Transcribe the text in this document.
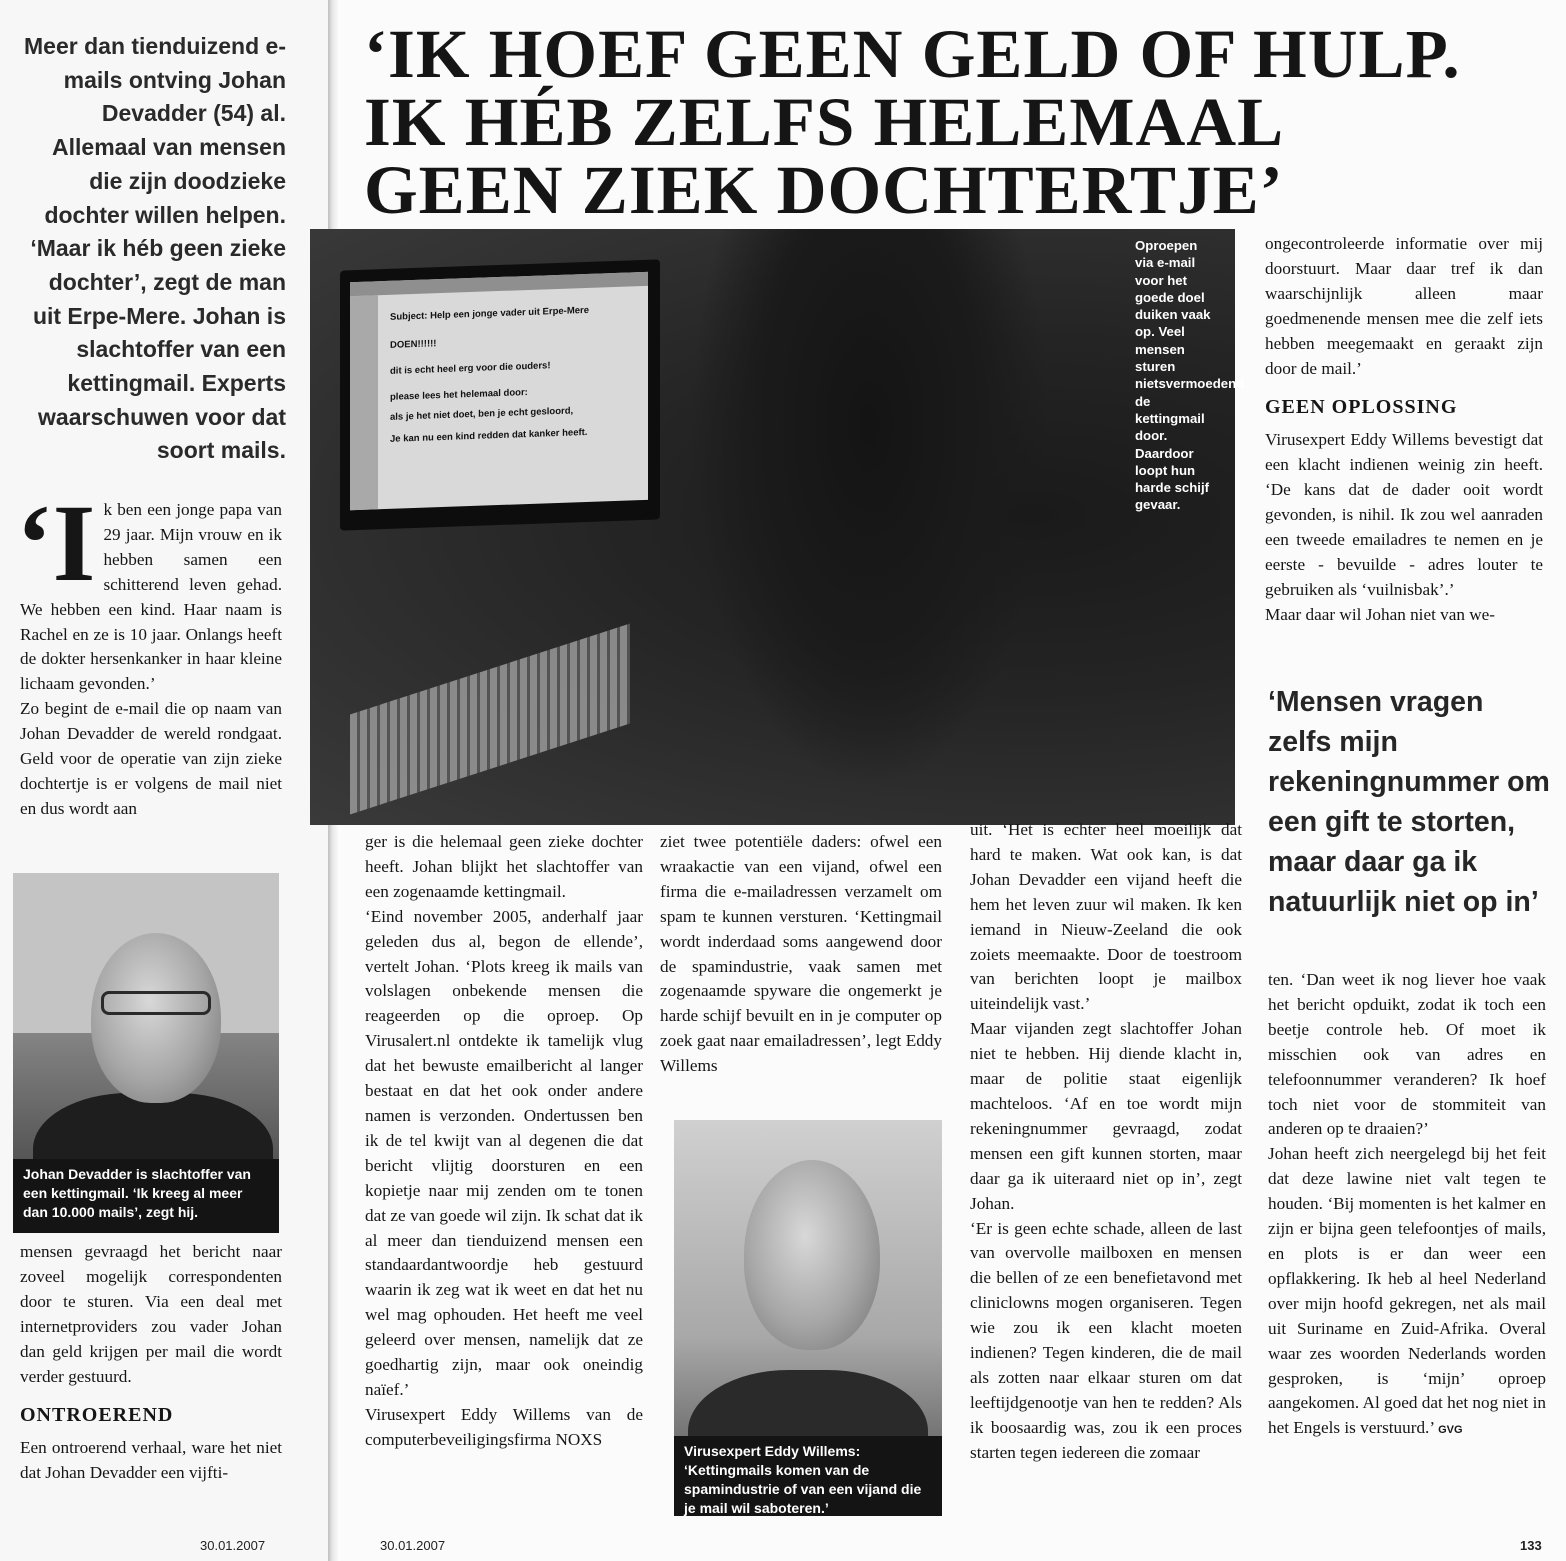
Meer dan tienduizend e-mails ontving Johan Devadder (54) al. Allemaal van mensen die zijn doodzieke dochter willen helpen. ‘Maar ik héb geen zieke dochter’, zegt de man uit Erpe-Mere. Johan is slachtoffer van een kettingmail. Experts waarschuwen voor dat soort mails.

‘IK HOEF GEEN GELD OF HULP.
IK HÉB ZELFS HELEMAAL
GEEN ZIEK DOCHTERTJE’

‘Ik ben een jonge papa van 29 jaar. Mijn vrouw en ik hebben samen een schitterend leven gehad. We hebben een kind. Haar naam is Rachel en ze is 10 jaar. Onlangs heeft de dokter hersenkanker in haar kleine lichaam gevonden.’

Zo begint de e-mail die op naam van Johan Devadder de wereld rondgaat. Geld voor de operatie van zijn zieke dochtertje is er volgens de mail niet en dus wordt aan

Johan Devadder is slachtoffer van een kettingmail. ‘Ik kreeg al meer dan 10.000 mails’, zegt hij.

mensen gevraagd het bericht naar zoveel mogelijk correspondenten door te sturen. Via een deal met internetproviders zou vader Johan dan geld krijgen per mail die wordt verder gestuurd.

ONTROEREND

Een ontroerend verhaal, ware het niet dat Johan Devadder een vijfti-

30.01.2007
Subject: Help een jonge vader uit Erpe-Mere
DOEN!!!!!!
dit is echt heel erg voor die ouders!
please lees het helemaal door:
als je het niet doet, ben je echt gesloord,
Je kan nu een kind redden dat kanker heeft.

Oproepen via e-mail voor het goede doel duiken vaak op. Veel mensen sturen nietsvermoedend de kettingmail door. Daardoor loopt hun harde schijf gevaar.

ongecontroleerde informatie over mij doorstuurt. Maar daar tref ik dan waarschijnlijk alleen maar goedmenende mensen mee die zelf iets hebben meegemaakt en geraakt zijn door de mail.’

GEEN OPLOSSING

Virusexpert Eddy Willems bevestigt dat een klacht indienen weinig zin heeft. ‘De kans dat de dader ooit wordt gevonden, is nihil. Ik zou wel aanraden een tweede emailadres te nemen en je eerste - bevuilde - adres louter te gebruiken als ‘vuilnisbak’.’

Maar daar wil Johan niet van we-

‘Mensen vragen zelfs mijn rekeningnummer om een gift te storten, maar daar ga ik natuurlijk niet op in’

ger is die helemaal geen zieke dochter heeft. Johan blijkt het slachtoffer van een zogenaamde kettingmail.

‘Eind november 2005, anderhalf jaar geleden dus al, begon de ellende’, vertelt Johan. ‘Plots kreeg ik mails van volslagen onbekende mensen die reageerden op die oproep. Op Virusalert.nl ontdekte ik tamelijk vlug dat het bewuste emailbericht al langer bestaat en dat het ook onder andere namen is verzonden. Ondertussen ben ik de tel kwijt van al degenen die dat bericht vlijtig doorsturen en een kopietje naar mij zenden om te tonen dat ze van goede wil zijn. Ik schat dat ik al meer dan tienduizend mensen een standaardantwoordje heb gestuurd waarin ik zeg wat ik weet en dat het nu wel mag ophouden. Het heeft me veel geleerd over mensen, namelijk dat ze goedhartig zijn, maar ook oneindig naïef.’

Virusexpert Eddy Willems van de computerbeveiligingsfirma NOXS

ziet twee potentiële daders: ofwel een wraakactie van een vijand, ofwel een firma die e-mailadressen verzamelt om spam te kunnen versturen. ‘Kettingmail wordt inderdaad soms aangewend door de spamindustrie, vaak samen met zogenaamde spyware die ongemerkt je harde schijf bevuilt en in je computer op zoek gaat naar emailadressen’, legt Eddy Willems

Virusexpert Eddy Willems: ‘Kettingmails komen van de spamindustrie of van een vijand die je mail wil saboteren.’

uit. ‘Het is echter heel moeilijk dat hard te maken. Wat ook kan, is dat Johan Devadder een vijand heeft die hem het leven zuur wil maken. Ik ken iemand in Nieuw-Zeeland die ook zoiets meemaakte. Door de toestroom van berichten loopt je mailbox uiteindelijk vast.’

Maar vijanden zegt slachtoffer Johan niet te hebben. Hij diende klacht in, maar de politie staat eigenlijk machteloos. ‘Af en toe wordt mijn rekeningnummer gevraagd, zodat mensen een gift kunnen storten, maar daar ga ik uiteraard niet op in’, zegt Johan.

‘Er is geen echte schade, alleen de last van overvolle mailboxen en mensen die bellen of ze een benefietavond met cliniclowns mogen organiseren. Tegen wie zou ik een klacht moeten indienen? Tegen kinderen, die de mail als zotten naar elkaar sturen om dat leeftijdgenootje van hen te redden? Als ik boosaardig was, zou ik een proces starten tegen iedereen die zomaar

ten. ‘Dan weet ik nog liever hoe vaak het bericht opduikt, zodat ik toch een beetje controle heb. Of moet ik misschien ook van adres en telefoonnummer veranderen? Ik hoef toch niet voor de stommiteit van anderen op te draaien?’

Johan heeft zich neergelegd bij het feit dat deze lawine niet valt tegen te houden. ‘Bij momenten is het kalmer en zijn er bijna geen telefoontjes of mails, en plots is er dan weer een opflakkering. Ik heb al heel Nederland over mijn hoofd gekregen, net als mail uit Suriname en Zuid-Afrika. Overal waar zes woorden Nederlands worden gesproken, is ‘mijn’ oproep aangekomen. Al goed dat het nog niet in het Engels is verstuurd.’ GVG

30.01.2007	133
